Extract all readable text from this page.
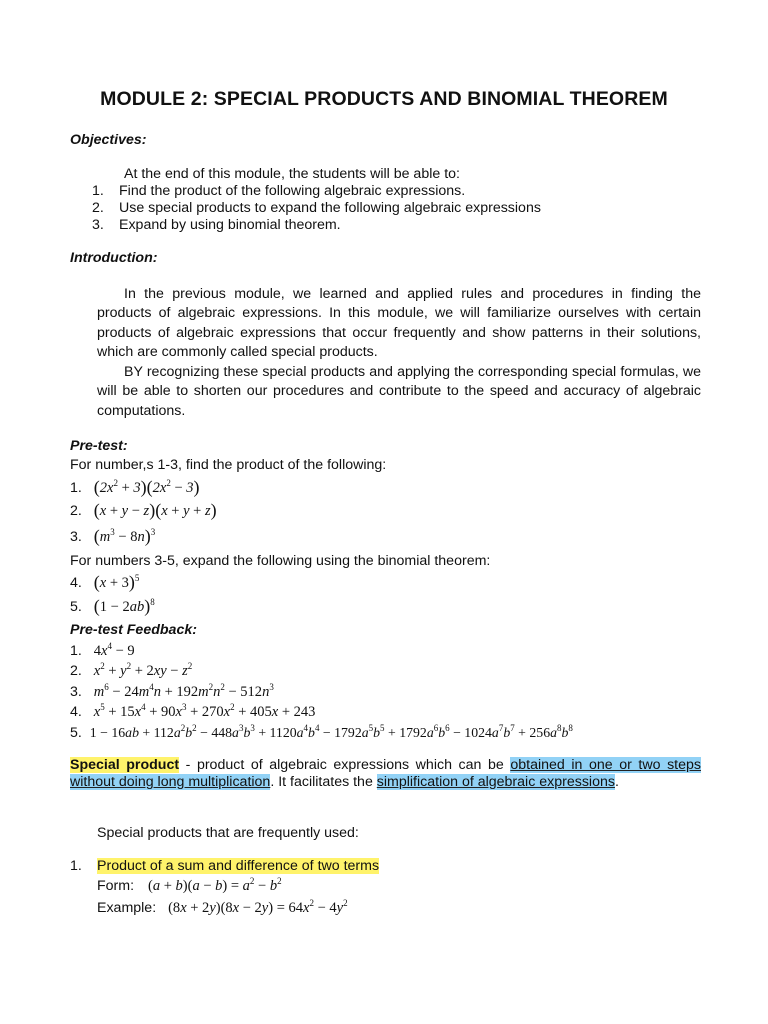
MODULE 2: SPECIAL PRODUCTS AND BINOMIAL THEOREM
Objectives:
At the end of this module, the students will be able to:
1. Find the product of the following algebraic expressions.
2. Use special products to expand the following algebraic expressions
3. Expand by using binomial theorem.
Introduction:

In the previous module, we learned and applied rules and procedures in finding the products of algebraic expressions. In this module, we will familiarize ourselves with certain products of algebraic expressions that occur frequently and show patterns in their solutions, which are commonly called special products.

BY recognizing these special products and applying the corresponding special formulas, we will be able to shorten our procedures and contribute to the speed and accuracy of algebraic computations.

Pre-test:
For number,s 1-3, find the product of the following:
1. $(2x^2 + 3)(2x^2 - 3)$
2. (x + y − z)(x + y + z)
3. $(m^3 - 8n)^3$
For numbers 3-5, expand the following using the binomial theorem:
4. $(x + 3)^5$
5. $(1 - 2ab)^8$
Pre-test Feedback:
1. $4x^4 - 9$
2. $x^2 + y^2 + 2xy - z^2$
3. $m^6 - 24m^4n + 192m^2n^2 - 512n^3$
4. $x^5 + 15x^4 + 90x^3 + 270x^2 + 405x + 243$
5. $1 - 16ab + 112a^2b^2 - 448a^3b^3 + 1120a^4b^4 - 1792a^5b^5 + 1792a^6b^6 - 1024a^7b^7 + 256a^8b^8$

Special product - product of algebraic expressions which can be obtained in one or two steps without doing long multiplication. It facilitates the simplification of algebraic expressions.

Special products that are frequently used:
1. Product of a sum and difference of two terms
Form: $(a + b)(a - b) = a^2 - b^2$
Example: $(8x + 2y)(8x - 2y) = 64x^2 - 4y^2$
